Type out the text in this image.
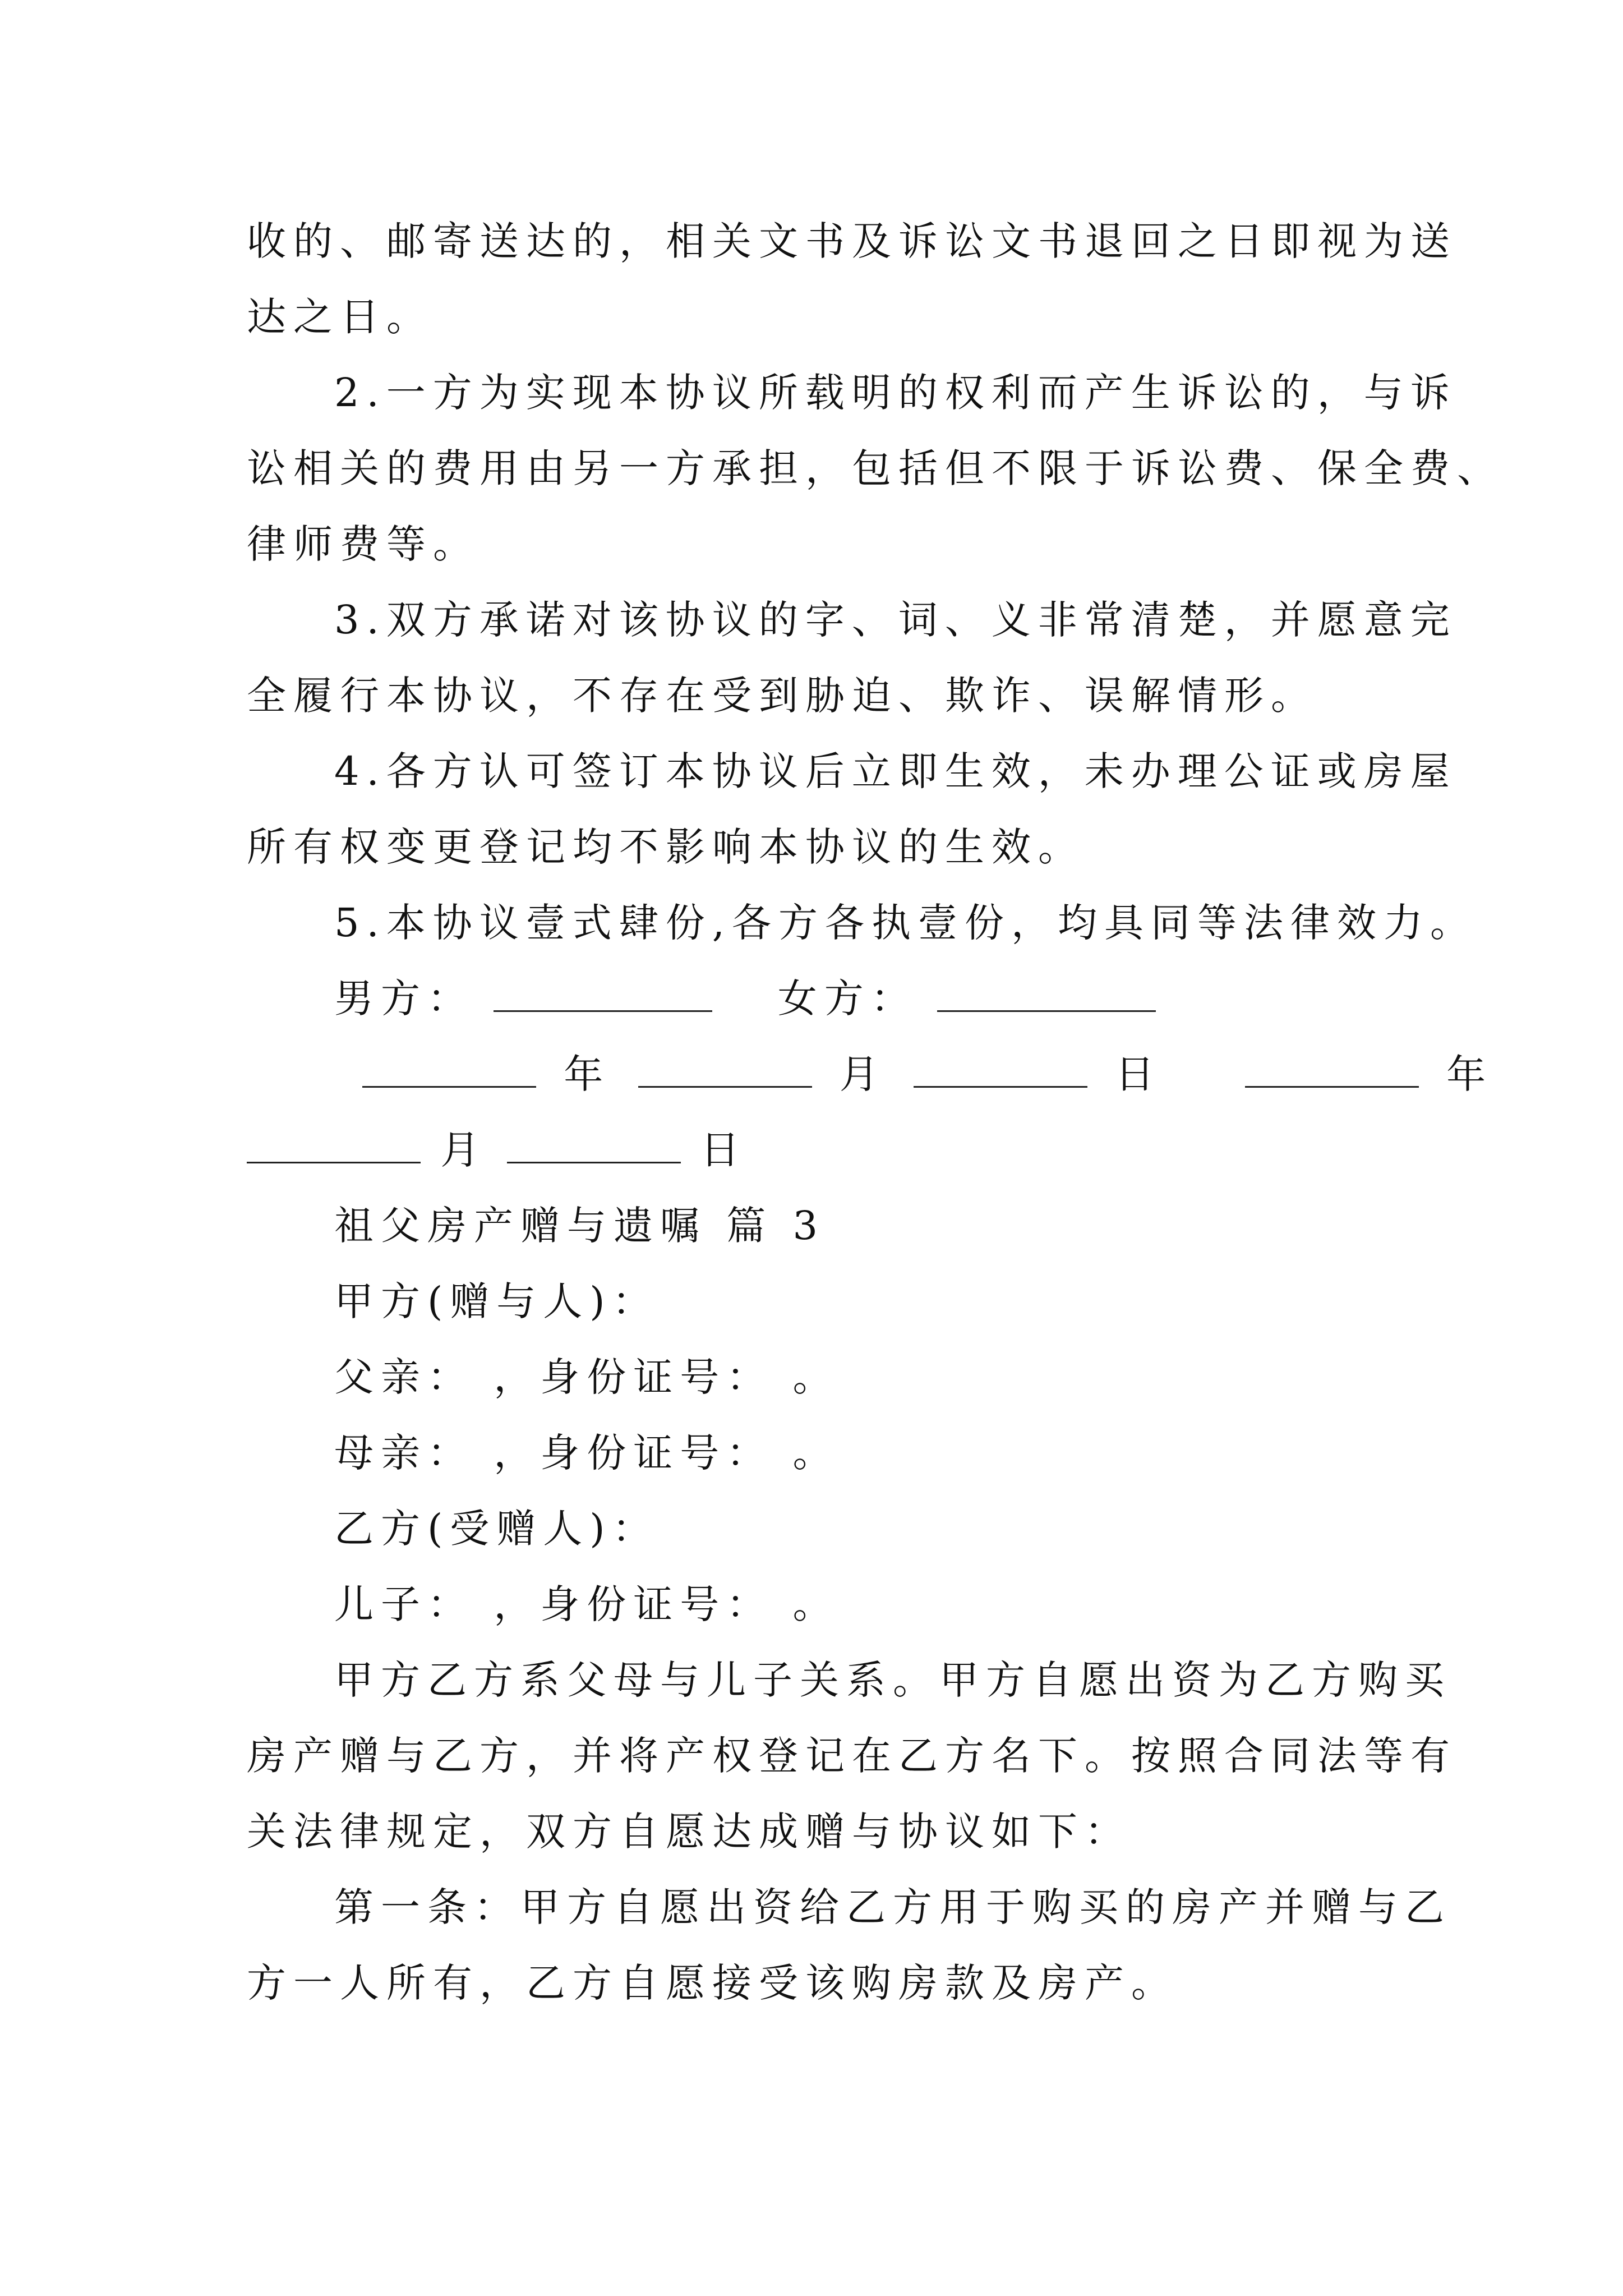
收的、邮寄送达的，相关文书及诉讼文书退回之日即视为送
达之日。
2.一方为实现本协议所载明的权利而产生诉讼的，与诉
讼相关的费用由另一方承担，包括但不限于诉讼费、保全费、
律师费等。
3.双方承诺对该协议的字、词、义非常清楚，并愿意完
全履行本协议，不存在受到胁迫、欺诈、误解情形。
4.各方认可签订本协议后立即生效，未办理公证或房屋
所有权变更登记均不影响本协议的生效。
5.本协议壹式肆份,各方各执壹份，均具同等法律效力。
男方：	女方：
年	月	日	年
月	日
祖父房产赠与遗嘱 篇 3
甲方(赠与人)：
父亲： ，身份证号： 。
母亲： ，身份证号： 。
乙方(受赠人)：
儿子： ，身份证号： 。
甲方乙方系父母与儿子关系。甲方自愿出资为乙方购买
房产赠与乙方，并将产权登记在乙方名下。按照合同法等有
关法律规定，双方自愿达成赠与协议如下：
第一条：甲方自愿出资给乙方用于购买的房产并赠与乙
方一人所有，乙方自愿接受该购房款及房产。
